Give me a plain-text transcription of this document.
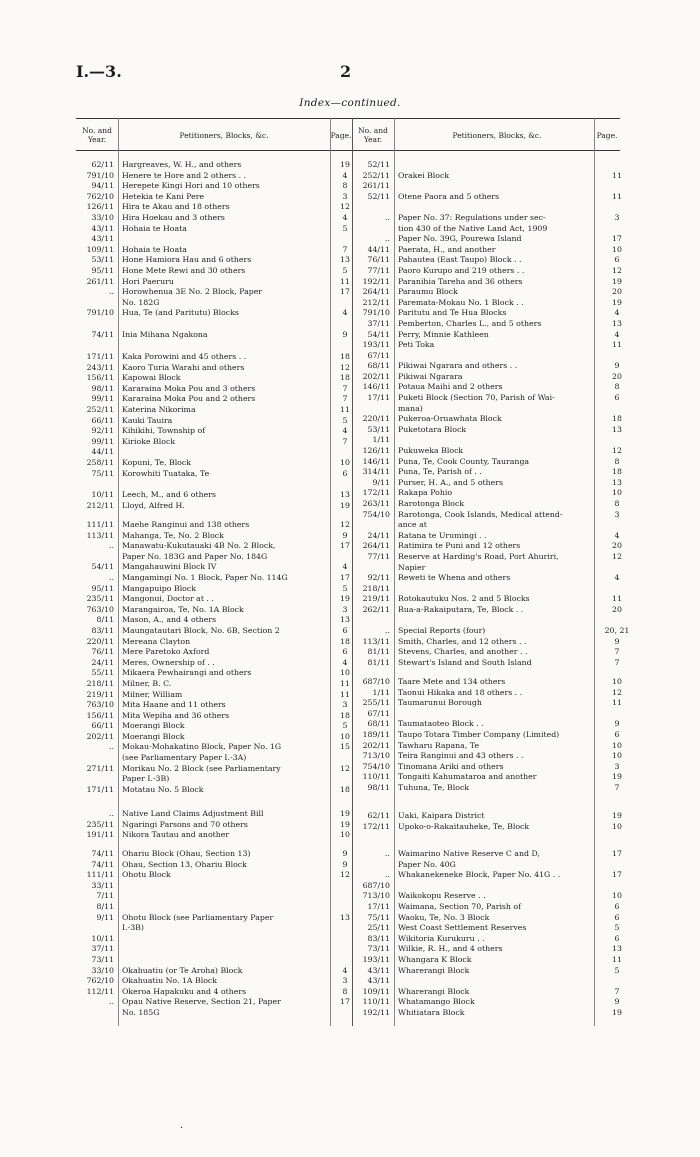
I.—3.	2
Index—continued.
No. and Year.	Petitioners, Blocks, &c.	Page. No. and Year.	Petitioners, Blocks, &c.	Page.
62/11	Hargreaves, W. H., and others	19
791/10	Henere te Hore and 2 others . .	4
94/11	Herepete Kingi Hori and 10 others	8
762/10	Hetekia te Kani Pere	3
126/11	Hira te Akau and 18 others	12
33/10	Hira Hoekau and 3 others	4
43/11	Hohaia te Hoata	5
43/11
109/11	Hohaia te Hoata	7
53/11	Hone Hamiora Hau and 6 others	13
95/11	Hone Mete Rewi and 30 others	5
261/11	Hori Paeruru	11
..	Horowhenua 3E No. 2 Block, Paper	17
No. 182G
791/10	Hua, Te (and Paritutu) Blocks	4
74/11	Inia Mihana Ngakona	9
171/11	Kaka Porowini and 45 others . .	18
243/11	Kaoro Turia Warahi and others	12
156/11	Kapowai Block	18
98/11	Kararaina Moka Pou and 3 others	7
99/11	Kararaina Moka Pou and 2 others	7
252/11	Katerina Nikorima	11
66/11	Kauki Tauira	5
92/11	Kihikihi, Township of	4
99/11	Kirioke Block	7
44/11
258/11	Kopuni, Te, Block	10
75/11	Korowhiti Tuataka, Te	6
10/11	Leech, M., and 6 others	13
212/11	Lloyd, Alfred H.	19
111/11	Maehe Ranginui and 138 others	12
113/11	Mahanga, Te, No. 2 Block	9
..	Manawatu-Kukutauaki 4B No. 2 Block,	17
Paper No. 183G and Paper No. 184G
54/11	Mangahauwini Block IV	4
..	Mangamingi No. 1 Block, Paper No. 114G	17
95/11	Mangapuipo Block	5
235/11	Mangonui, Doctor at . .	19
763/10	Marangairoa, Te, No. 1A Block	3
8/11	Mason, A., and 4 others	13
83/11	Maungatautari Block, No. 6B, Section 2	6
220/11	Mereana Clayton	18
76/11	Mere Paretoko Axford	6
24/11	Meres, Ownership of . .	4
55/11	Mikaera Pewhairangi and others	10
218/11	Milner, B. C.	11
219/11	Milner, William	11
763/10	Mita Haane and 11 others	3
156/11	Mita Wepiha and 36 others	18
66/11	Moerangi Block	5
202/11	Moerangi Block	10
..	Mokau-Mohakatino Block, Paper No. 1G	15
(see Parliamentary Paper I.-3A)
271/11	Morikau No. 2 Block (see Parliamentary	12
Paper I.-3B)
171/11	Motatau No. 5 Block	18
..	Native Land Claims Adjustment Bill	19
235/11	Ngaringi Parsons and 70 others	19
191/11	Nikora Tautau and another	10
74/11	Ohariu Block (Ohau, Section 13)	9
74/11	Ohau, Section 13, Ohariu Block	9
111/11	Ohotu Block	12
33/11
7/11
8/11
9/11	Ohotu Block (see Parliamentary Paper	13
I.-3B)
10/11
37/11
73/11
33/10	Okahuatiu (or Te Aroha) Block	4
762/10	Okahuatiu No. 1A Block	3
112/11	Okeroa Hapakuku and 4 others	8
..	Opau Native Reserve, Section 21, Paper	17
No. 185G
52/11
252/11	Orakei Block	11
261/11
52/11	Otene Paora and 5 others	11
..	Paper No. 37: Regulations under sec-	3
tion 430 of the Native Land Act, 1909
..	Paper No. 39G, Pourewa Island	17
44/11	Paerata, H., and another	10
76/11	Pahautea (East Taupo) Block . .	6
77/11	Paoro Kurupo and 219 others . .	12
192/11	Paranihia Tareha and 36 others	19
264/11	Paraumu Block	20
212/11	Paremata-Mokau No. 1 Block . .	19
791/10	Paritutu and Te Hua Blocks	4
37/11	Pemberton, Charles L., and 5 others	13
54/11	Perry, Minnie Kathleen	4
193/11	Peti Toka	11
67/11
68/11	Pikiwai Ngarara and others . .	9
202/11	Pikiwai Ngarara	20
146/11	Potaua Maihi and 2 others	8
17/11	Puketi Block (Section 70, Parish of Wai-	6
mana)
220/11	Pukeroa-Oruawhata Block	18
53/11	Puketotara Block	13
1/11
126/11	Pukuweka Block	12
146/11	Puna, Te, Cook County, Tauranga	8
314/11	Puna, Te, Parish of . .	18
9/11	Purser, H. A., and 5 others	13
172/11	Rakapa Pohio	10
263/11	Rarotonga Block	8
754/10	Rarotonga, Cook Islands, Medical attend-	3
ance at
24/11	Ratana te Urumingi . .	4
264/11	Ratimira te Puni and 12 others	20
77/11	Reserve at Harding's Road, Port Ahuriri,	12
Napier
92/11	Reweti te Whena and others	4
218/11
219/11	Rotokautuku Nos. 2 and 5 Blocks	11
262/11	Rua-a-Rakaiputara, Te, Block . .	20
..	Special Reports (four)	20, 21
113/11	Smith, Charles, and 12 others . .	9
81/11	Stevens, Charles, and another . .	7
81/11	Stewart's Island and South Island	7
687/10	Taare Mete and 134 others	10
1/11	Taonui Hikaka and 18 others . .	12
255/11	Taumarunui Borough	11
67/11
68/11	Taumataoteo Block . .	9
189/11	Taupo Totara Timber Company (Limited)	6
202/11	Tawharu Rapana, Te	10
713/10	Teira Ranginui and 43 others . .	10
754/10	Tinomana Ariki and others	3
110/11	Tongaiti Kahumatarоa and another	19
98/11	Tuhuna, Te, Block	7
62/11	Uaki, Kaipara District	19
172/11	Upoko-o-Rakaitauheke, Te, Block	10
..	Waimarino Native Reserve C and D,	17
Paper No. 40G
..	Whakanekeneke Block, Paper No. 41G . .	17
687/10
713/10	Waikokopu Reserve . .	10
17/11	Waimana, Section 70, Parish of	6
75/11	Waoku, Te, No. 3 Block	6
25/11	West Coast Settlement Reserves	5
83/11	Wikitoria Kurukuru . .	6
73/11	Wilkie, R. H., and 4 others	13
193/11	Whangara K Block	11
43/11	Wharerangi Block	5
43/11
109/11	Wharerangi Block	7
110/11	Whatamango Block	9
192/11	Whitiatara Block	19
·
